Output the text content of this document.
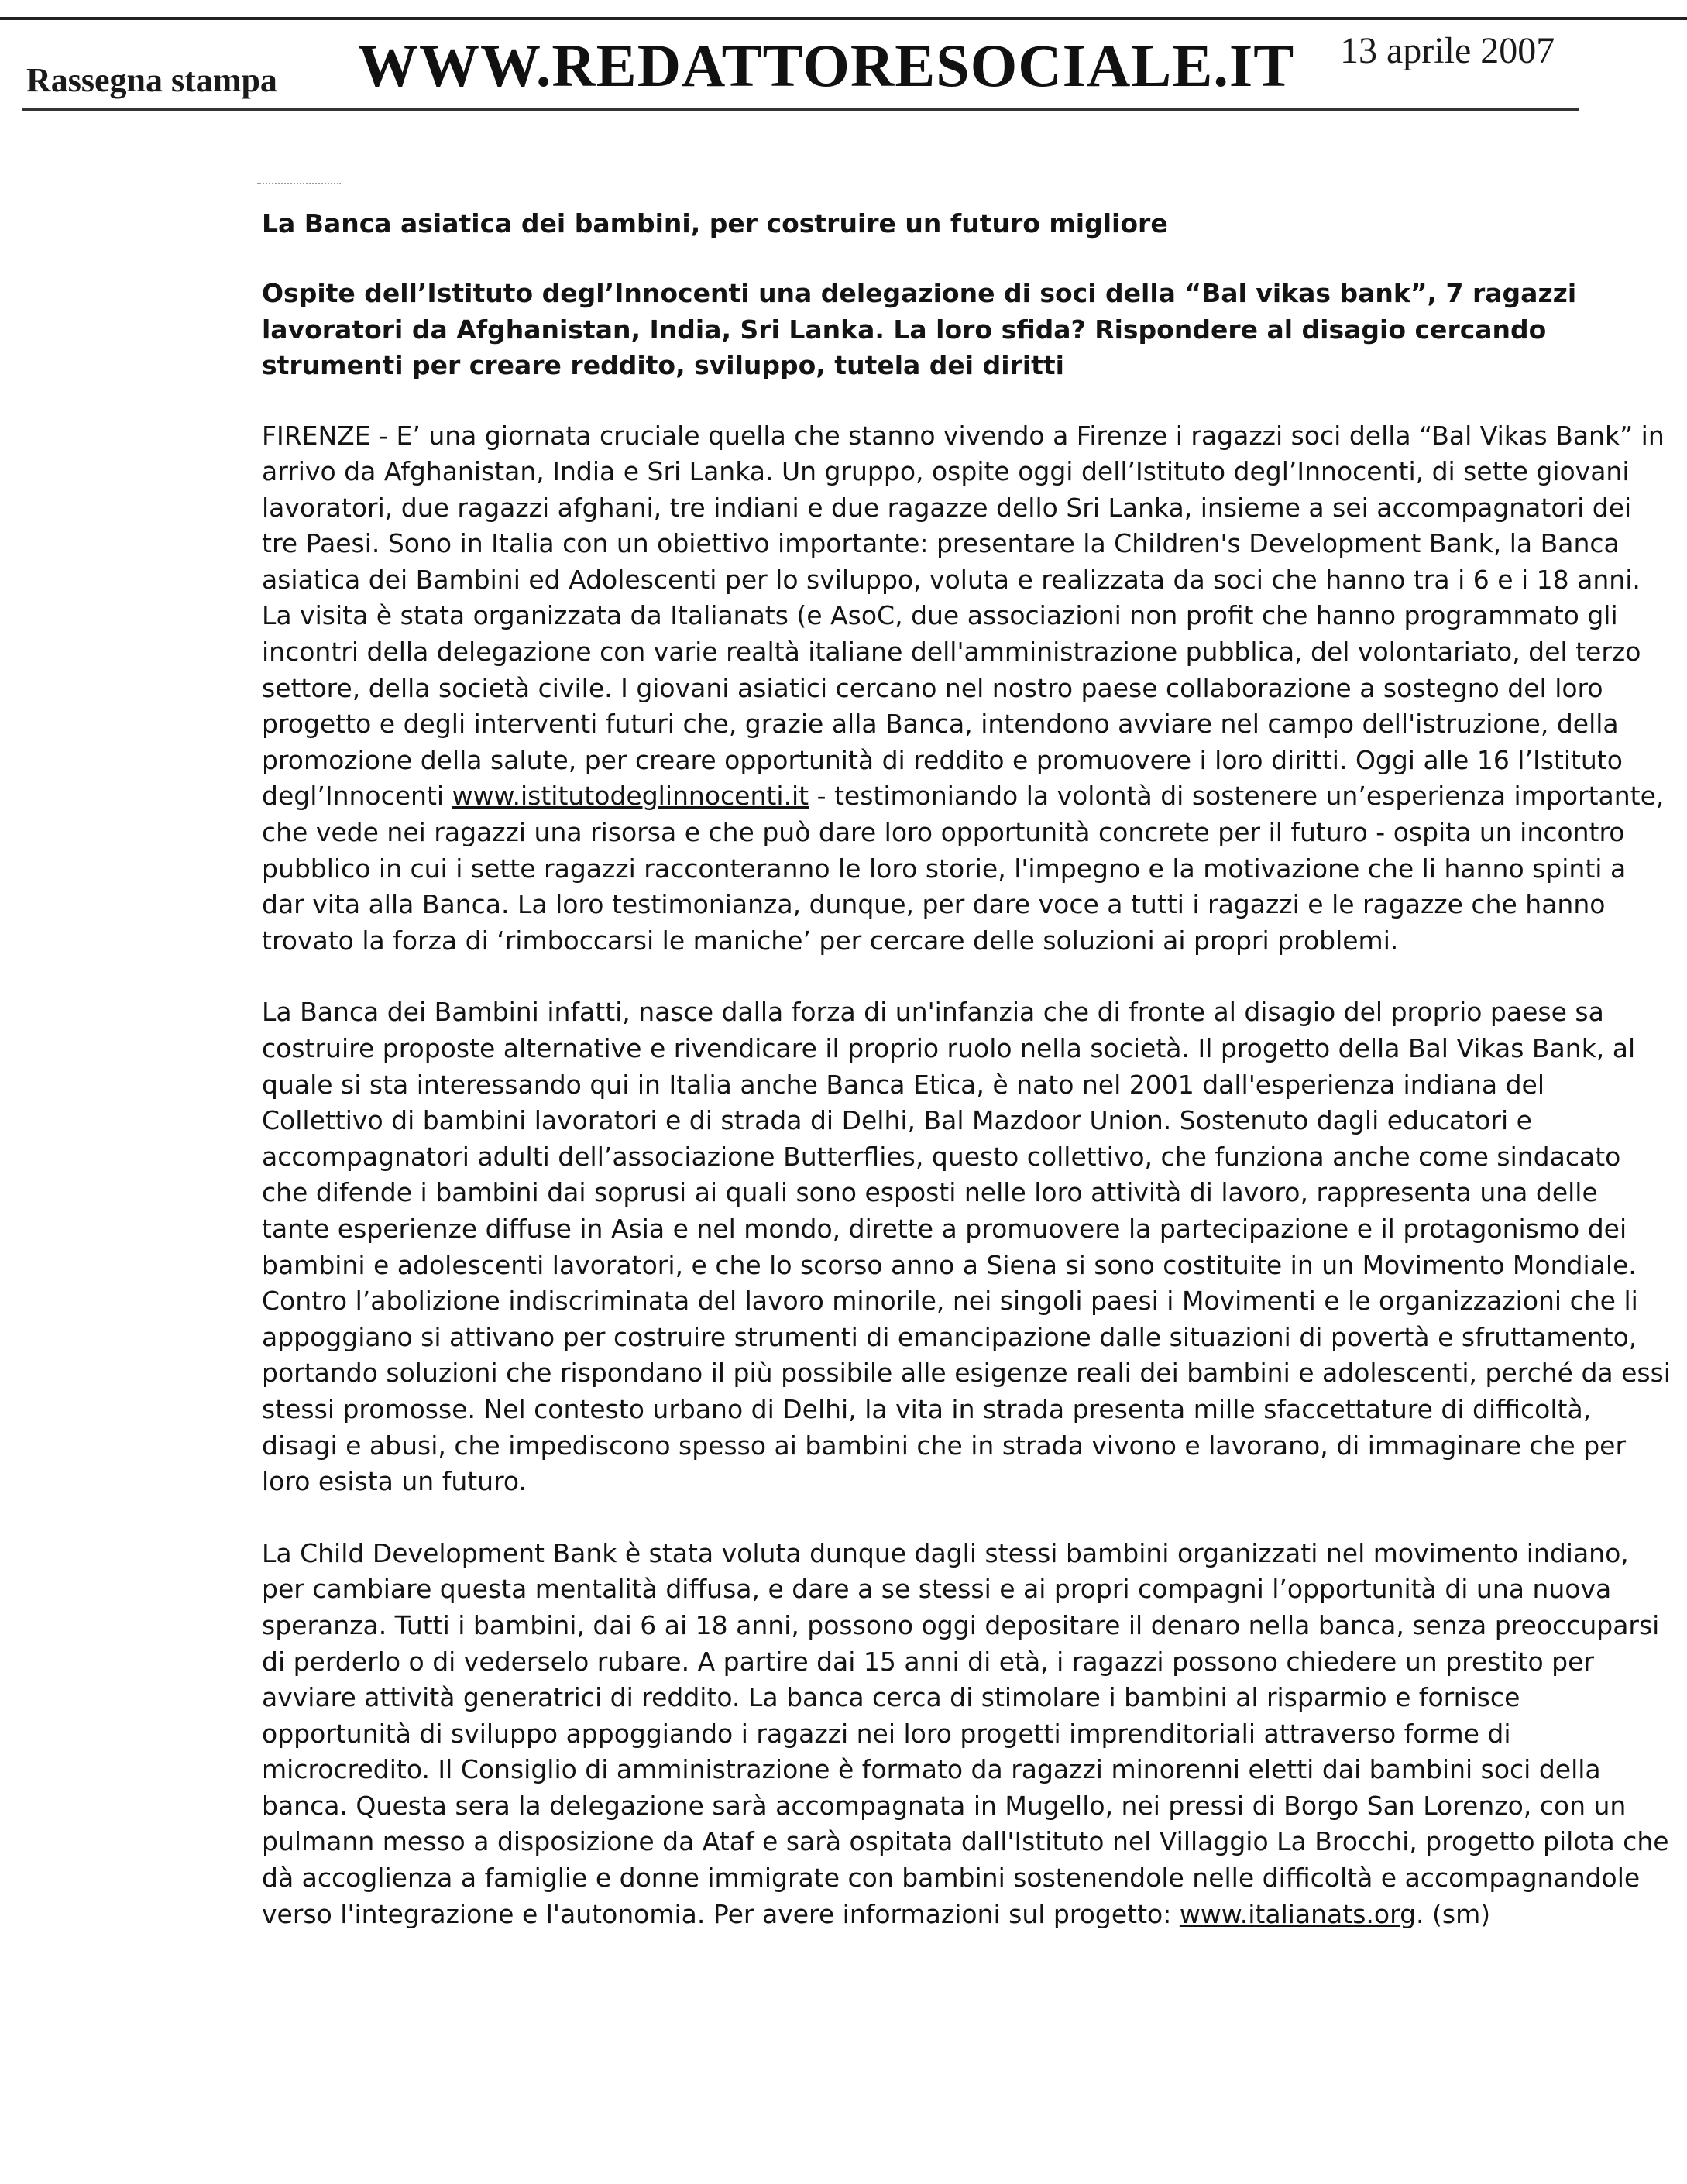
Rassegna stampa WWW.REDATTORESOCIALE.IT 13 aprile 2007
La Banca asiatica dei bambini, per costruire un futuro migliore
Ospite dell’Istituto degl’Innocenti una delegazione di soci della “Bal vikas bank”, 7 ragazzi lavoratori da Afghanistan, India, Sri Lanka. La loro sfida? Rispondere al disagio cercando strumenti per creare reddito, sviluppo, tutela dei diritti
FIRENZE - E’ una giornata cruciale quella che stanno vivendo a Firenze i ragazzi soci della “Bal Vikas Bank” in arrivo da Afghanistan, India e Sri Lanka. Un gruppo, ospite oggi dell’Istituto degl’Innocenti, di sette giovani lavoratori, due ragazzi afghani, tre indiani e due ragazze dello Sri Lanka, insieme a sei accompagnatori dei tre Paesi. Sono in Italia con un obiettivo importante: presentare la Children's Development Bank, la Banca asiatica dei Bambini ed Adolescenti per lo sviluppo, voluta e realizzata da soci che hanno tra i 6 e i 18 anni. La visita è stata organizzata da Italianats (e AsoC, due associazioni non profit che hanno programmato gli incontri della delegazione con varie realtà italiane dell'amministrazione pubblica, del volontariato, del terzo settore, della società civile. I giovani asiatici cercano nel nostro paese collaborazione a sostegno del loro progetto e degli interventi futuri che, grazie alla Banca, intendono avviare nel campo dell'istruzione, della promozione della salute, per creare opportunità di reddito e promuovere i loro diritti. Oggi alle 16 l’Istituto degl’Innocenti www.istitutodeglinnocenti.it - testimoniando la volontà di sostenere un’esperienza importante, che vede nei ragazzi una risorsa e che può dare loro opportunità concrete per il futuro - ospita un incontro pubblico in cui i sette ragazzi racconteranno le loro storie, l'impegno e la motivazione che li hanno spinti a dar vita alla Banca. La loro testimonianza, dunque, per dare voce a tutti i ragazzi e le ragazze che hanno trovato la forza di ‘rimboccarsi le maniche’ per cercare delle soluzioni ai propri problemi.
La Banca dei Bambini infatti, nasce dalla forza di un'infanzia che di fronte al disagio del proprio paese sa costruire proposte alternative e rivendicare il proprio ruolo nella società. Il progetto della Bal Vikas Bank, al quale si sta interessando qui in Italia anche Banca Etica, è nato nel 2001 dall'esperienza indiana del Collettivo di bambini lavoratori e di strada di Delhi, Bal Mazdoor Union. Sostenuto dagli educatori e accompagnatori adulti dell’associazione Butterflies, questo collettivo, che funziona anche come sindacato che difende i bambini dai soprusi ai quali sono esposti nelle loro attività di lavoro, rappresenta una delle tante esperienze diffuse in Asia e nel mondo, dirette a promuovere la partecipazione e il protagonismo dei bambini e adolescenti lavoratori, e che lo scorso anno a Siena si sono costituite in un Movimento Mondiale. Contro l’abolizione indiscriminata del lavoro minorile, nei singoli paesi i Movimenti e le organizzazioni che li appoggiano si attivano per costruire strumenti di emancipazione dalle situazioni di povertà e sfruttamento, portando soluzioni che rispondano il più possibile alle esigenze reali dei bambini e adolescenti, perché da essi stessi promosse. Nel contesto urbano di Delhi, la vita in strada presenta mille sfaccettature di difficoltà, disagi e abusi, che impediscono spesso ai bambini che in strada vivono e lavorano, di immaginare che per loro esista un futuro.
La Child Development Bank è stata voluta dunque dagli stessi bambini organizzati nel movimento indiano, per cambiare questa mentalità diffusa, e dare a se stessi e ai propri compagni l’opportunità di una nuova speranza. Tutti i bambini, dai 6 ai 18 anni, possono oggi depositare il denaro nella banca, senza preoccuparsi di perderlo o di vederselo rubare. A partire dai 15 anni di età, i ragazzi possono chiedere un prestito per avviare attività generatrici di reddito. La banca cerca di stimolare i bambini al risparmio e fornisce opportunità di sviluppo appoggiando i ragazzi nei loro progetti imprenditoriali attraverso forme di microcredito. Il Consiglio di amministrazione è formato da ragazzi minorenni eletti dai bambini soci della banca. Questa sera la delegazione sarà accompagnata in Mugello, nei pressi di Borgo San Lorenzo, con un pulmann messo a disposizione da Ataf e sarà ospitata dall'Istituto nel Villaggio La Brocchi, progetto pilota che dà accoglienza a famiglie e donne immigrate con bambini sostenendole nelle difficoltà e accompagnandole verso l'integrazione e l'autonomia. Per avere informazioni sul progetto: www.italianats.org. (sm)
